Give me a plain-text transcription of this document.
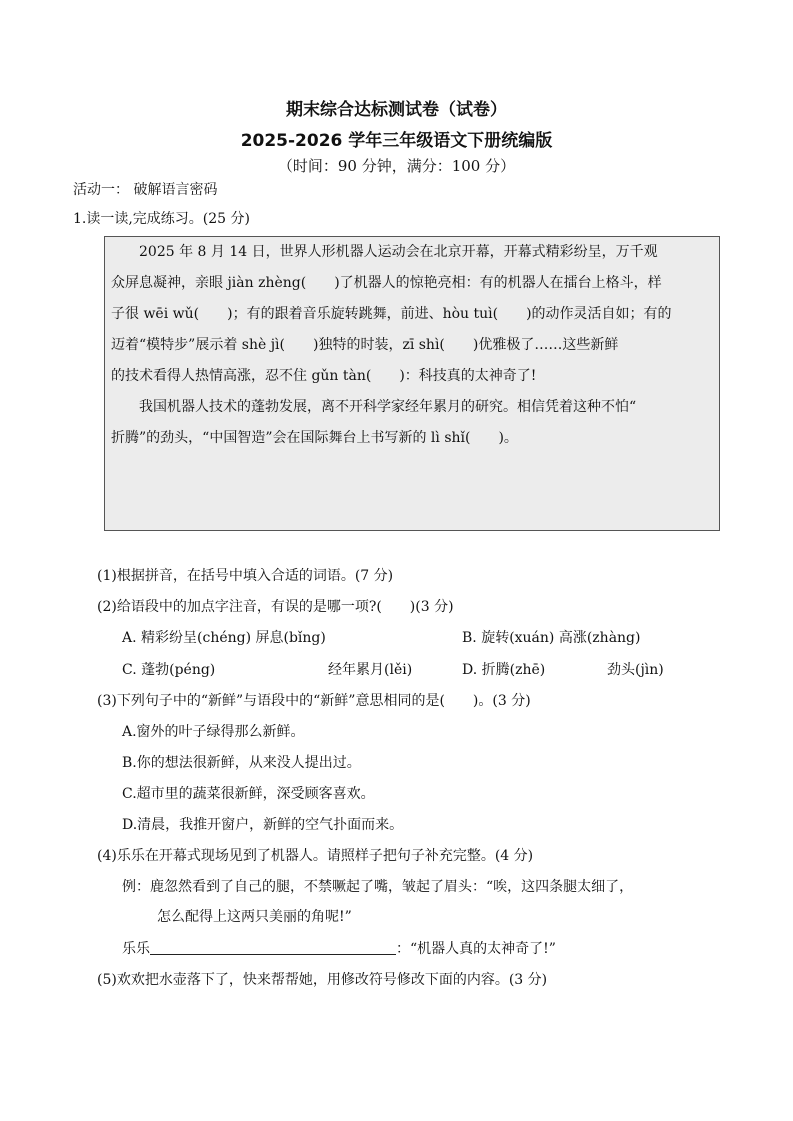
期末综合达标测试卷（试卷）
2025-2026 学年三年级语文下册统编版
（时间：90 分钟，满分：100 分）
活动一： 破解语言密码
1.读一读,完成练习。(25 分)
　　2025 年 8 月 14 日，世界人形机器人运动会在北京开幕，开幕式精彩纷呈，万千观
众屏息凝神，亲眼 jiàn zhèng(　　)了机器人的惊艳亮相：有的机器人在擂台上格斗，样
子很 wēi wǔ(　　)；有的跟着音乐旋转跳舞，前进、hòu tuì(　　)的动作灵活自如；有的
迈着“模特步”展示着 shè jì(　　)独特的时装，zī shì(　　)优雅极了……这些新鲜
的技术看得人热情高涨，忍不住 gǔn tàn(　　)：科技真的太神奇了!
　　我国机器人技术的蓬勃发展，离不开科学家经年累月的研究。相信凭着这种不怕“
折腾”的劲头，“中国智造”会在国际舞台上书写新的 lì shǐ(　　)。
(1)根据拼音，在括号中填入合适的词语。(7 分)
(2)给语段中的加点字注音，有误的是哪一项?(　　)(3 分)
A. 精彩纷呈(chéng) 屏息(bǐng)	B. 旋转(xuán) 高涨(zhàng)
C. 蓬勃(péng)	经年累月(lěi)	D. 折腾(zhē)	劲头(jìn)
(3)下列句子中的“新鲜”与语段中的“新鲜”意思相同的是(　　)。(3 分)
A.窗外的叶子绿得那么新鲜。
B.你的想法很新鲜，从来没人提出过。
C.超市里的蔬菜很新鲜，深受顾客喜欢。
D.清晨，我推开窗户，新鲜的空气扑面而来。
(4)乐乐在开幕式现场见到了机器人。请照样子把句子补充完整。(4 分)
例：鹿忽然看到了自己的腿，不禁噘起了嘴，皱起了眉头：“唉，这四条腿太细了，
怎么配得上这两只美丽的角呢!”
乐乐	：“机器人真的太神奇了!”
(5)欢欢把水壶落下了，快来帮帮她，用修改符号修改下面的内容。(3 分)
